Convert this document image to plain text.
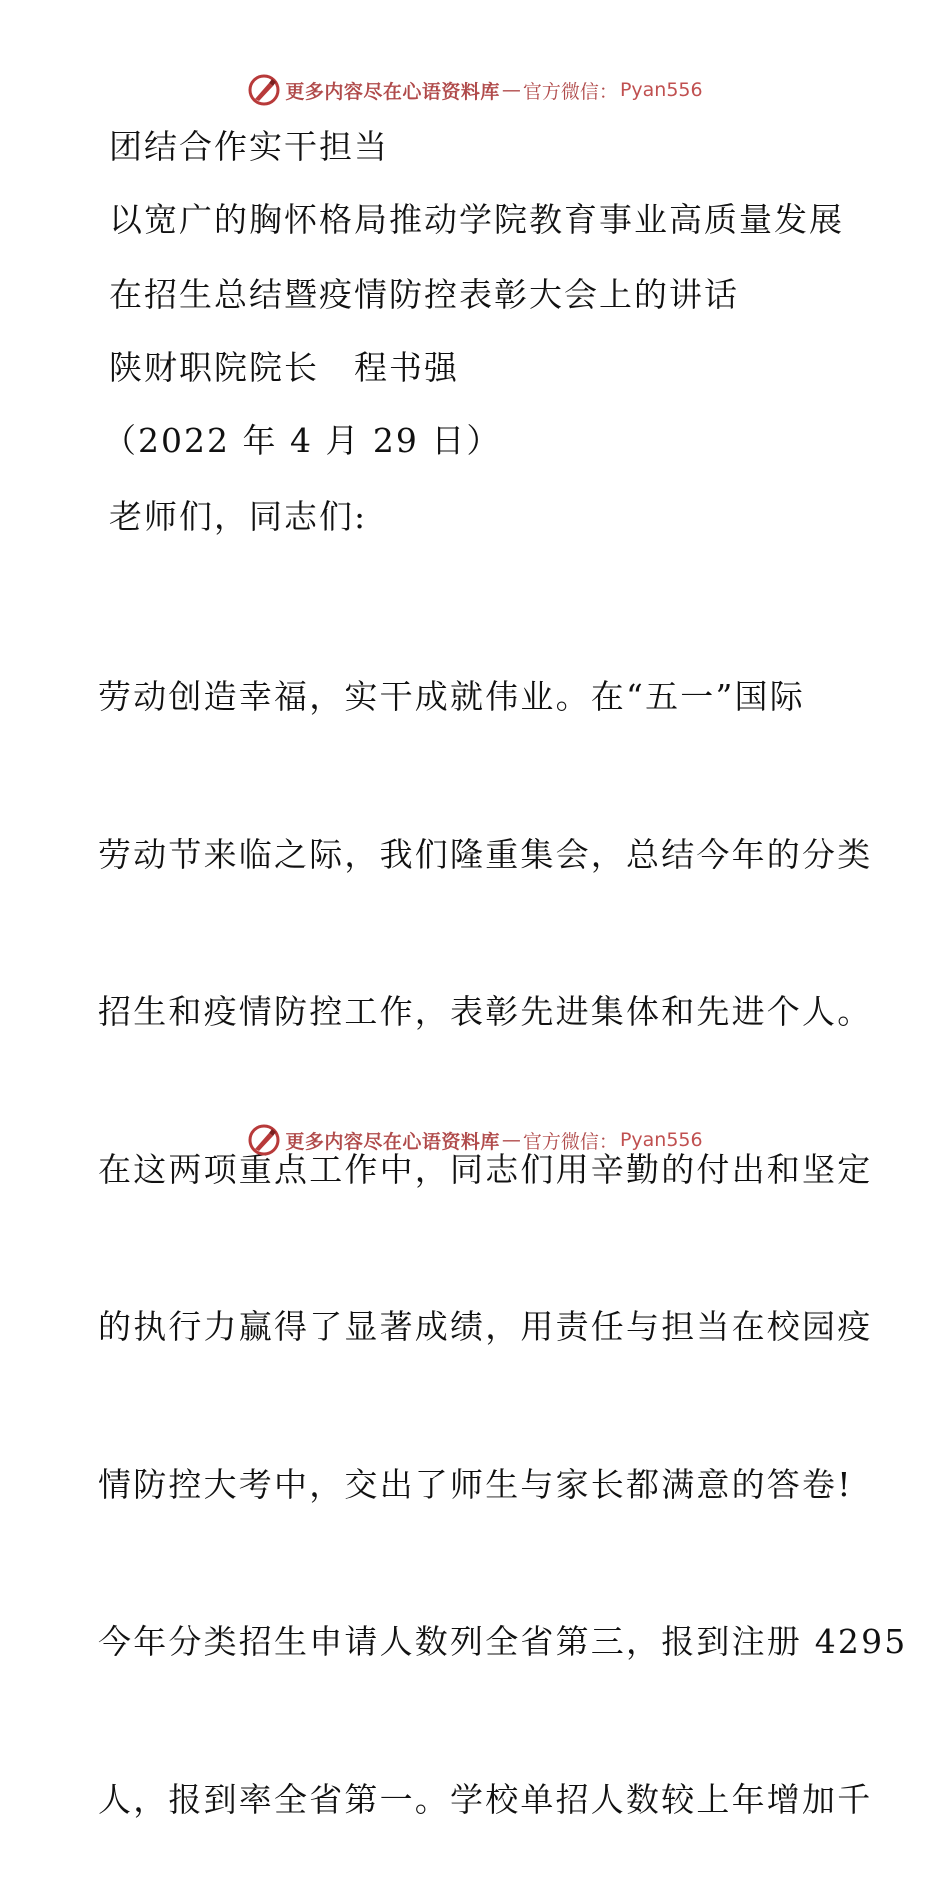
更多内容尽在心语资料库 — 官方微信： Pyan556
团结合作实干担当
以宽广的胸怀格局推动学院教育事业高质量发展
在招生总结暨疫情防控表彰大会上的讲话
陕财职院院长　程书强
（2022 年 4 月 29 日）
老师们，同志们:

劳动创造幸福，实干成就伟业。在“五一”国际

劳动节来临之际，我们隆重集会，总结今年的分类

招生和疫情防控工作，表彰先进集体和先进个人。

在这两项重点工作中，同志们用辛勤的付出和坚定

的执行力赢得了显著成绩，用责任与担当在校园疫

情防控大考中，交出了师生与家长都满意的答卷!

今年分类招生申请人数列全省第三，报到注册 4295

人，报到率全省第一。学校单招人数较上年增加千

更多内容尽在心语资料库 — 官方微信： Pyan556
